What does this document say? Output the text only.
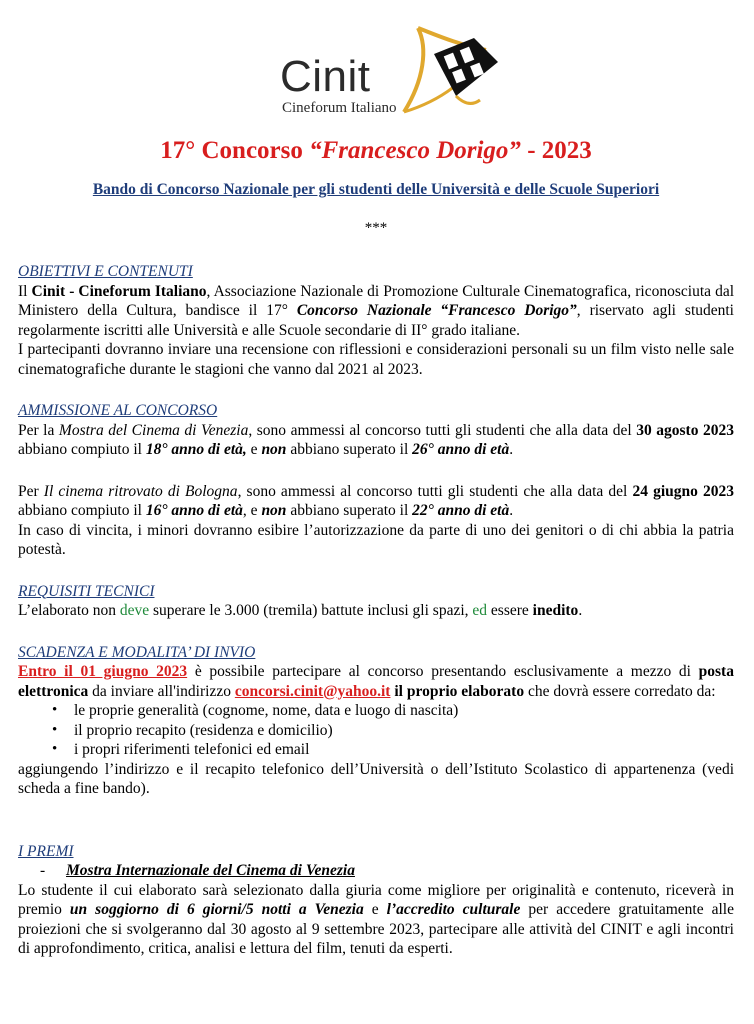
Cinit
Cineforum Italiano
17° Concorso “Francesco Dorigo” - 2023
Bando di Concorso Nazionale per gli studenti delle Università e delle Scuole Superiori
***
OBIETTIVI E CONTENUTI

Il Cinit - Cineforum Italiano, Associazione Nazionale di Promozione Culturale Cinematografica, riconosciuta dal Ministero della Cultura, bandisce il 17° Concorso Nazionale “Francesco Dorigo”, riservato agli studenti regolarmente iscritti alle Università e alle Scuole secondarie di II° grado italiane.

I partecipanti dovranno inviare una recensione con riflessioni e considerazioni personali su un film visto nelle sale cinematografiche durante le stagioni che vanno dal 2021 al 2023.

AMMISSIONE AL CONCORSO

Per la Mostra del Cinema di Venezia, sono ammessi al concorso tutti gli studenti che alla data del 30 agosto 2023 abbiano compiuto il 18° anno di età, e non abbiano superato il 26° anno di età.

Per Il cinema ritrovato di Bologna, sono ammessi al concorso tutti gli studenti che alla data del 24 giugno 2023 abbiano compiuto il 16° anno di età, e non abbiano superato il 22° anno di età.

In caso di vincita, i minori dovranno esibire l’autorizzazione da parte di uno dei genitori o di chi abbia la patria potestà.

REQUISITI TECNICI

L’elaborato non deve superare le 3.000 (tremila) battute inclusi gli spazi, ed essere inedito.

SCADENZA E MODALITA’ DI INVIO

Entro il 01 giugno 2023 è possibile partecipare al concorso presentando esclusivamente a mezzo di posta elettronica da inviare all'indirizzo concorsi.cinit@yahoo.it il proprio elaborato che dovrà essere corredato da:

• le proprie generalità (cognome, nome, data e luogo di nascita)
• il proprio recapito (residenza e domicilio)
• i propri riferimenti telefonici ed email

aggiungendo l’indirizzo e il recapito telefonico dell’Università o dell’Istituto Scolastico di appartenenza (vedi scheda a fine bando).

I PREMI
- Mostra Internazionale del Cinema di Venezia

Lo studente il cui elaborato sarà selezionato dalla giuria come migliore per originalità e contenuto, riceverà in premio un soggiorno di 6 giorni/5 notti a Venezia e l’accredito culturale per accedere gratuitamente alle proiezioni che si svolgeranno dal 30 agosto al 9 settembre 2023, partecipare alle attività del CINIT e agli incontri di approfondimento, critica, analisi e lettura del film, tenuti da esperti.
